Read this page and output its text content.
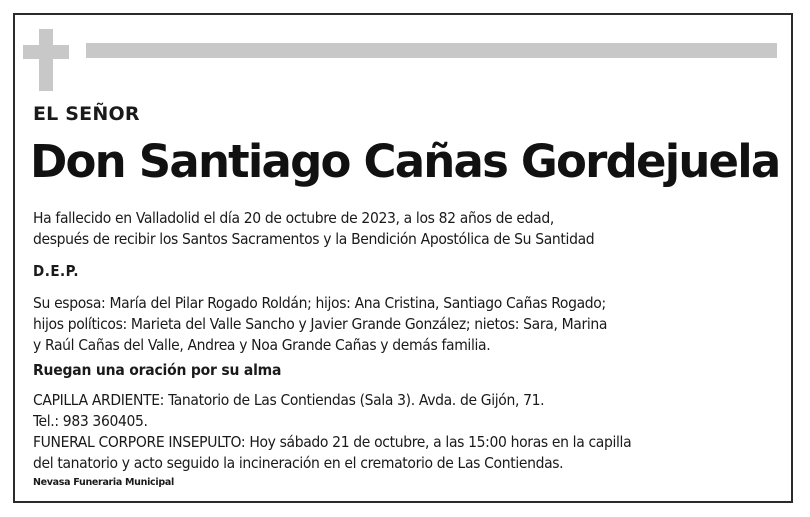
EL SEÑOR
Don Santiago Cañas Gordejuela
Ha fallecido en Valladolid el día 20 de octubre de 2023, a los 82 años de edad,
después de recibir los Santos Sacramentos y la Bendición Apostólica de Su Santidad
D.E.P.
Su esposa: María del Pilar Rogado Roldán; hijos: Ana Cristina, Santiago Cañas Rogado;
hijos políticos: Marieta del Valle Sancho y Javier Grande González; nietos: Sara, Marina
y Raúl Cañas del Valle, Andrea y Noa Grande Cañas y demás familia.
Ruegan una oración por su alma
CAPILLA ARDIENTE: Tanatorio de Las Contiendas (Sala 3). Avda. de Gijón, 71.
Tel.: 983 360405.
FUNERAL CORPORE INSEPULTO: Hoy sábado 21 de octubre, a las 15:00 horas en la capilla
del tanatorio y acto seguido la incineración en el crematorio de Las Contiendas.
Nevasa Funeraria Municipal
